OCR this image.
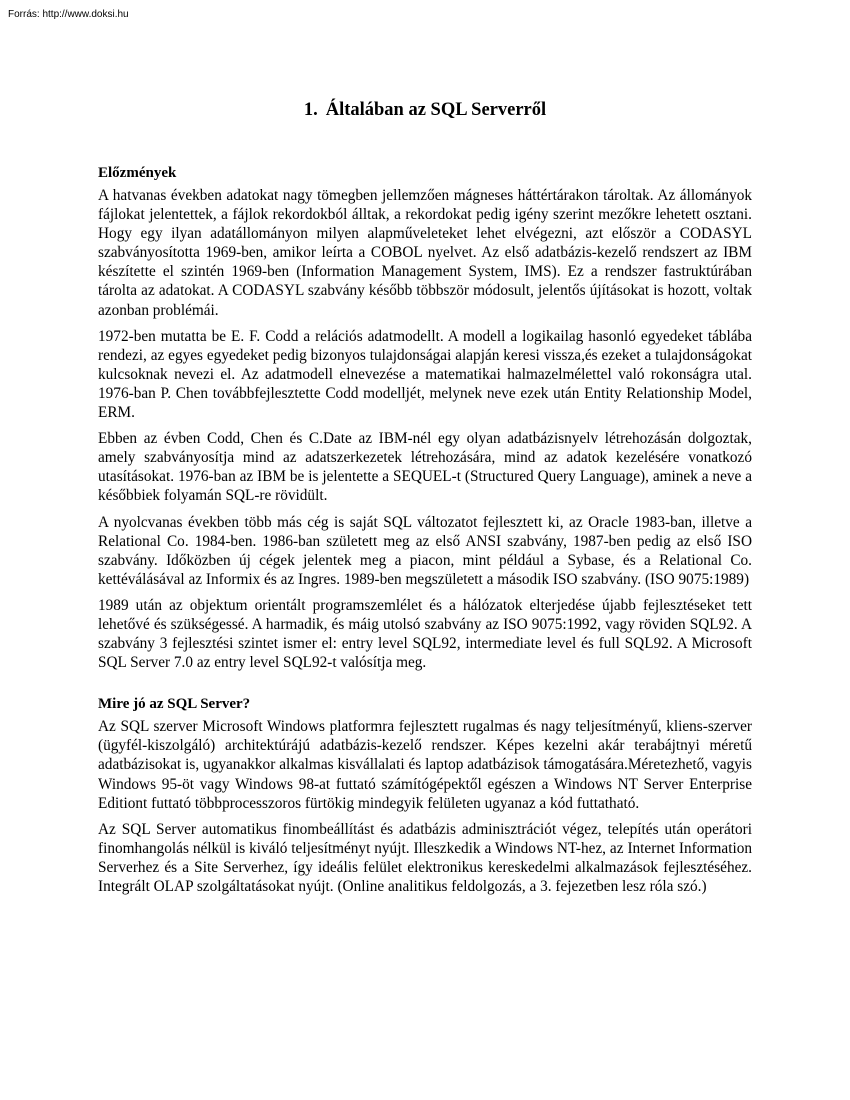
Forrás: http://www.doksi.hu
1. Általában az SQL Serverről
Előzmények

A hatvanas években adatokat nagy tömegben jellemzően mágneses háttértárakon tároltak. Az állományok fájlokat jelentettek, a fájlok rekordokból álltak, a rekordokat pedig igény szerint mezőkre lehetett osztani. Hogy egy ilyan adatállományon milyen alapműveleteket lehet elvégezni, azt először a CODASYL szabványosította 1969-ben, amikor leírta a COBOL nyelvet. Az első adatbázis-kezelő rendszert az IBM készítette el szintén 1969-ben (Information Management System, IMS). Ez a rendszer fastruktúrában tárolta az adatokat. A CODASYL szabvány később többször módosult, jelentős újításokat is hozott, voltak azonban problémái.

1972-ben mutatta be E. F. Codd a relációs adatmodellt. A modell a logikailag hasonló egyedeket táblába rendezi, az egyes egyedeket pedig bizonyos tulajdonságai alapján keresi vissza,és ezeket a tulajdonságokat kulcsoknak nevezi el. Az adatmodell elnevezése a matematikai halmazelmélettel való rokonságra utal. 1976-ban P. Chen továbbfejlesztette Codd modelljét, melynek neve ezek után Entity Relationship Model, ERM.

Ebben az évben Codd, Chen és C.Date az IBM-nél egy olyan adatbázisnyelv létrehozásán dolgoztak, amely szabványosítja mind az adatszerkezetek létrehozására, mind az adatok kezelésére vonatkozó utasításokat. 1976-ban az IBM be is jelentette a SEQUEL-t (Structured Query Language), aminek a neve a későbbiek folyamán SQL-re rövidült.

A nyolcvanas években több más cég is saját SQL változatot fejlesztett ki, az Oracle 1983-ban, illetve a Relational Co. 1984-ben. 1986-ban született meg az első ANSI szabvány, 1987-ben pedig az első ISO szabvány. Időközben új cégek jelentek meg a piacon, mint például a Sybase, és a Relational Co. kettéválásával az Informix és az Ingres. 1989-ben megszületett a második ISO szabvány. (ISO 9075:1989)

1989 után az objektum orientált programszemlélet és a hálózatok elterjedése újabb fejlesztéseket tett lehetővé és szükségessé. A harmadik, és máig utolsó szabvány az ISO 9075:1992, vagy röviden SQL92. A szabvány 3 fejlesztési szintet ismer el: entry level SQL92, intermediate level és full SQL92. A Microsoft SQL Server 7.0 az entry level SQL92-t valósítja meg.

Mire jó az SQL Server?

Az SQL szerver Microsoft Windows platformra fejlesztett rugalmas és nagy teljesítményű, kliens-szerver (ügyfél-kiszolgáló) architektúrájú adatbázis-kezelő rendszer. Képes kezelni akár terabájtnyi méretű adatbázisokat is, ugyanakkor alkalmas kisvállalati és laptop adatbázisok támogatására.Méretezhető, vagyis Windows 95-öt vagy Windows 98-at futtató számítógépektől egészen a Windows NT Server Enterprise Editiont futtató többprocesszoros fürtökig mindegyik felületen ugyanaz a kód futtatható.

Az SQL Server automatikus finombeállítást és adatbázis adminisztrációt végez, telepítés után operátori finomhangolás nélkül is kiváló teljesítményt nyújt. Illeszkedik a Windows NT-hez, az Internet Information Serverhez és a Site Serverhez, így ideális felület elektronikus kereskedelmi alkalmazások fejlesztéséhez. Integrált OLAP szolgáltatásokat nyújt. (Online analitikus feldolgozás, a 3. fejezetben lesz róla szó.)
